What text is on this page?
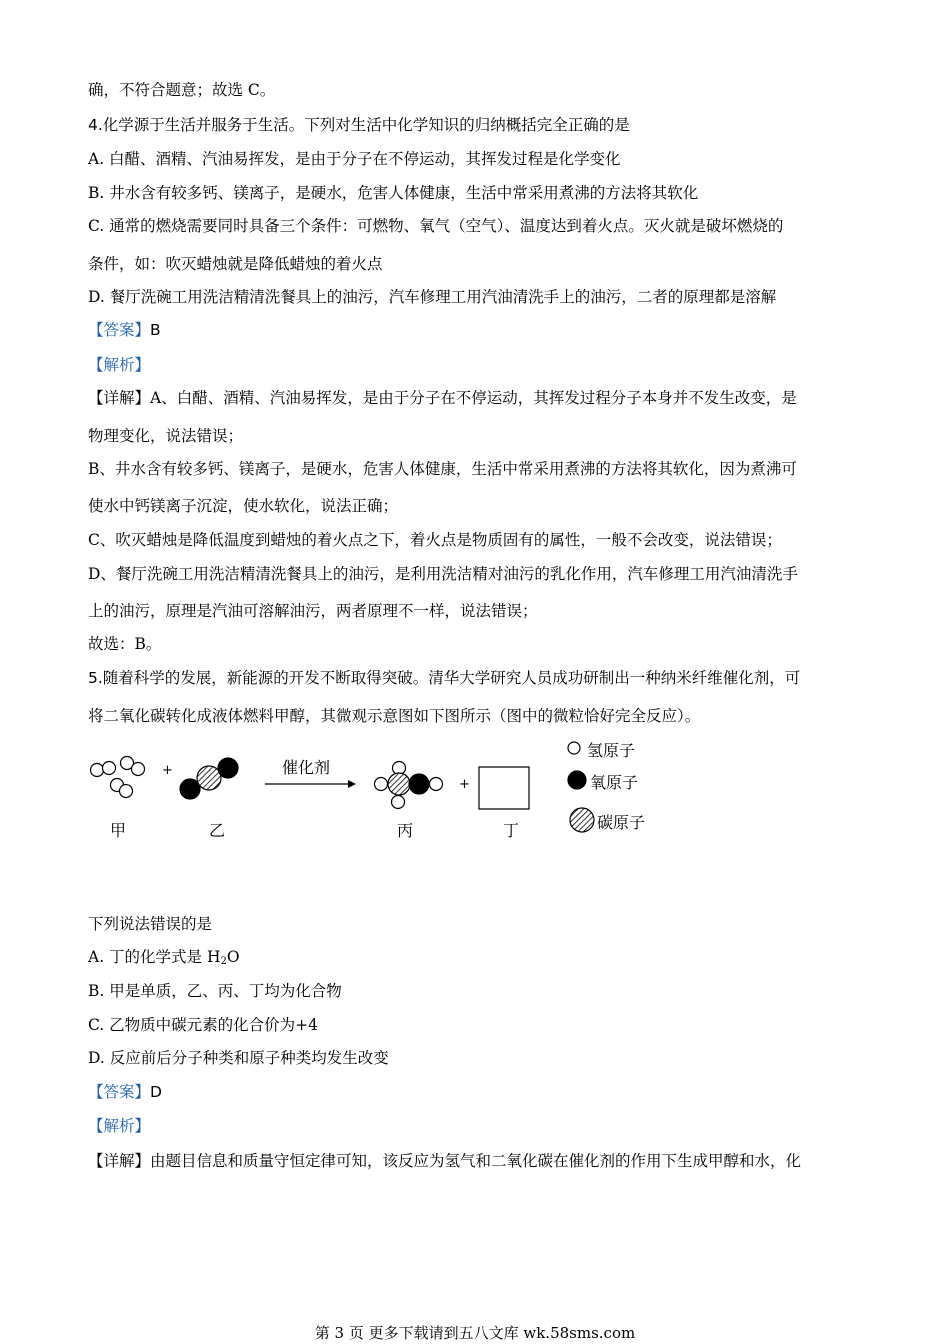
确，不符合题意；故选 C。
4.化学源于生活并服务于生活。下列对生活中化学知识的归纳概括完全正确的是
A. 白醋、酒精、汽油易挥发，是由于分子在不停运动，其挥发过程是化学变化
B. 井水含有较多钙、镁离子，是硬水，危害人体健康，生活中常采用煮沸的方法将其软化
C. 通常的燃烧需要同时具备三个条件：可燃物、氧气（空气）、温度达到着火点。灭火就是破坏燃烧的
条件，如：吹灭蜡烛就是降低蜡烛的着火点
D. 餐厅洗碗工用洗洁精清洗餐具上的油污，汽车修理工用汽油清洗手上的油污，二者的原理都是溶解
【答案】B
【解析】
【详解】A、白醋、酒精、汽油易挥发，是由于分子在不停运动，其挥发过程分子本身并不发生改变，是
物理变化，说法错误；
B、井水含有较多钙、镁离子，是硬水，危害人体健康，生活中常采用煮沸的方法将其软化，因为煮沸可
使水中钙镁离子沉淀，使水软化，说法正确；
C、吹灭蜡烛是降低温度到蜡烛的着火点之下，着火点是物质固有的属性，一般不会改变，说法错误；
D、餐厅洗碗工用洗洁精清洗餐具上的油污，是利用洗洁精对油污的乳化作用，汽车修理工用汽油清洗手
上的油污，原理是汽油可溶解油污，两者原理不一样，说法错误；
故选：B。
5.随着科学的发展，新能源的开发不断取得突破。清华大学研究人员成功研制出一种纳米纤维催化剂，可
将二氧化碳转化成液体燃料甲醇，其微观示意图如下图所示（图中的微粒恰好完全反应）。
+
+
催化剂
甲	乙	丙	丁
氢原子
氧原子
碳原子
下列说法错误的是
A. 丁的化学式是 $H_2O$
B. 甲是单质，乙、丙、丁均为化合物
C. 乙物质中碳元素的化合价为+4
D. 反应前后分子种类和原子种类均发生改变
【答案】D
【解析】
【详解】由题目信息和质量守恒定律可知，该反应为氢气和二氧化碳在催化剂的作用下生成甲醇和水，化
第 3 页 更多下载请到五八文库 wk.58sms.com
